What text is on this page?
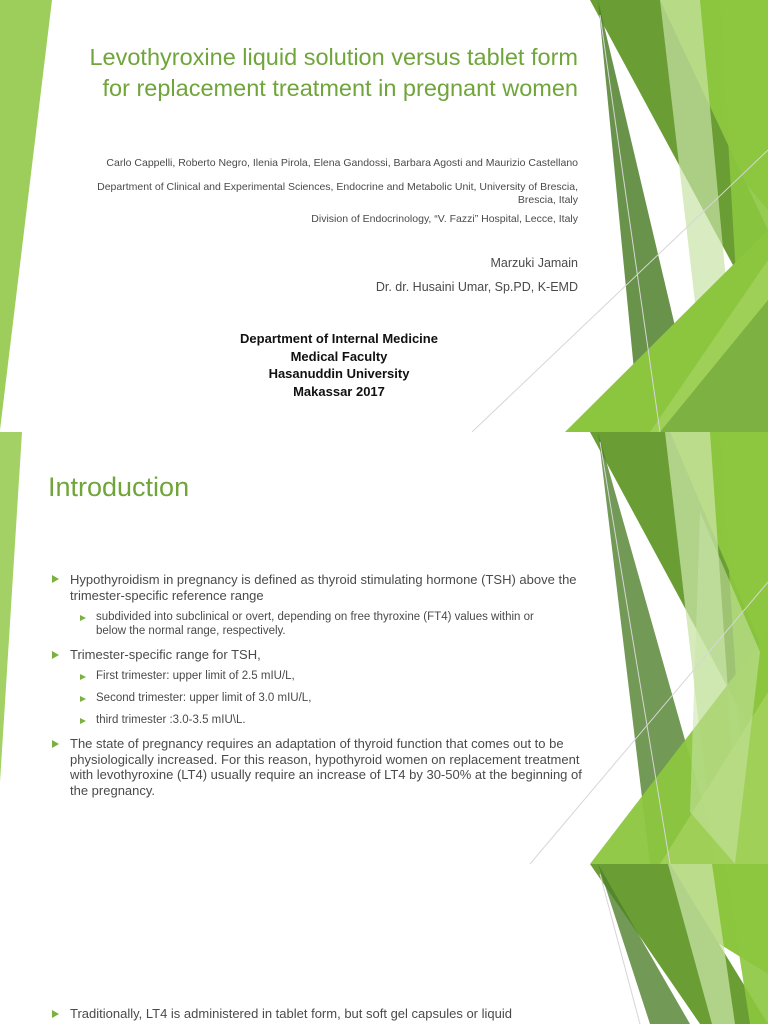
Levothyroxine liquid solution versus tablet form for replacement treatment in pregnant women
Carlo Cappelli, Roberto Negro, Ilenia Pirola, Elena Gandossi, Barbara Agosti and Maurizio Castellano
Department of Clinical and Experimental Sciences, Endocrine and Metabolic Unit, University of Brescia, Brescia, Italy
Division of Endocrinology, “V. Fazzi” Hospital, Lecce, Italy
Marzuki Jamain
Dr. dr. Husaini Umar, Sp.PD, K-EMD
Department of Internal Medicine
Medical Faculty
Hasanuddin University
Makassar 2017
Introduction
Hypothyroidism in pregnancy is defined as thyroid stimulating hormone (TSH) above the trimester-specific reference range
subdivided into subclinical or overt, depending on free thyroxine (FT4) values within or below the normal range, respectively.
Trimester-specific range for TSH,
First trimester: upper limit of 2.5 mIU/L,
Second trimester: upper limit of 3.0 mIU/L,
third trimester :3.0-3.5 mIU\L.
The state of pregnancy requires an adaptation of thyroid function that comes out to be physiologically increased. For this reason, hypothyroid women on replacement treatment with levothyroxine (LT4) usually require an increase of LT4 by 30-50% at the beginning of the pregnancy.
Traditionally, LT4 is administered in tablet form, but soft gel capsules or liquid
